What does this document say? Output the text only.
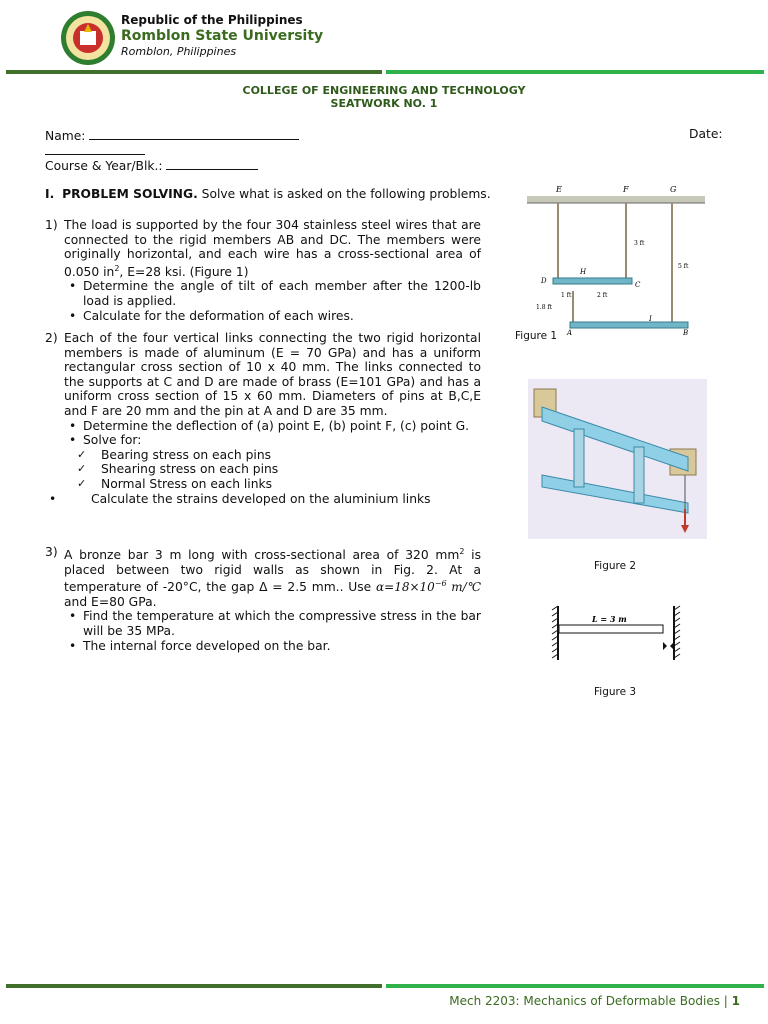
Republic of the Philippines
Romblon State University
Romblon, Philippines
COLLEGE OF ENGINEERING AND TECHNOLOGY
SEATWORK NO. 1
Name:	Date:
Course & Year/Blk.:
I. PROBLEM SOLVING. Solve what is asked on the following problems.
1) The load is supported by the four 304 stainless steel wires that are connected to the rigid members AB and DC. The members were originally horizontal, and each wire has a cross-sectional area of 0.050 $in^2$, E=28 ksi. (Figure 1)
• Determine the angle of tilt of each member after the 1200-lb load is applied.
• Calculate for the deformation of each wires.
2) Each of the four vertical links connecting the two rigid horizontal members is made of aluminum (E = 70 GPa) and has a uniform rectangular cross section of 10 x 40 mm. The links connected to the supports at C and D are made of brass (E=101 GPa) and has a uniform cross section of 15 x 60 mm. Diameters of pins at B,C,E and F are 20 mm and the pin at A and D are 35 mm.
• Determine the deflection of (a) point E, (b) point F, (c) point G.
• Solve for:
✓ Bearing stress on each pins
✓ Shearing stress on each pins
✓ Normal Stress on each links
• Calculate the strains developed on the aluminium links
3) A bronze bar 3 m long with cross-sectional area of 320 $mm^2$ is placed between two rigid walls as shown in Fig. 2. At a temperature of -20°C, the gap Δ = 2.5 mm.. Use $\alpha=18\times 10^{-6}$ m/℃ and E=80 GPa.
• Find the temperature at which the compressive stress in the bar will be 35 MPa.
• The internal force developed on the bar.
E	F	G
D	C
H
A	B
I
3 ft
5 ft
1 ft	2 ft
1.8 ft
Figure 1
Figure 2
L = 3 m
Figure 3
Mech 2203: Mechanics of Deformable Bodies | 1
